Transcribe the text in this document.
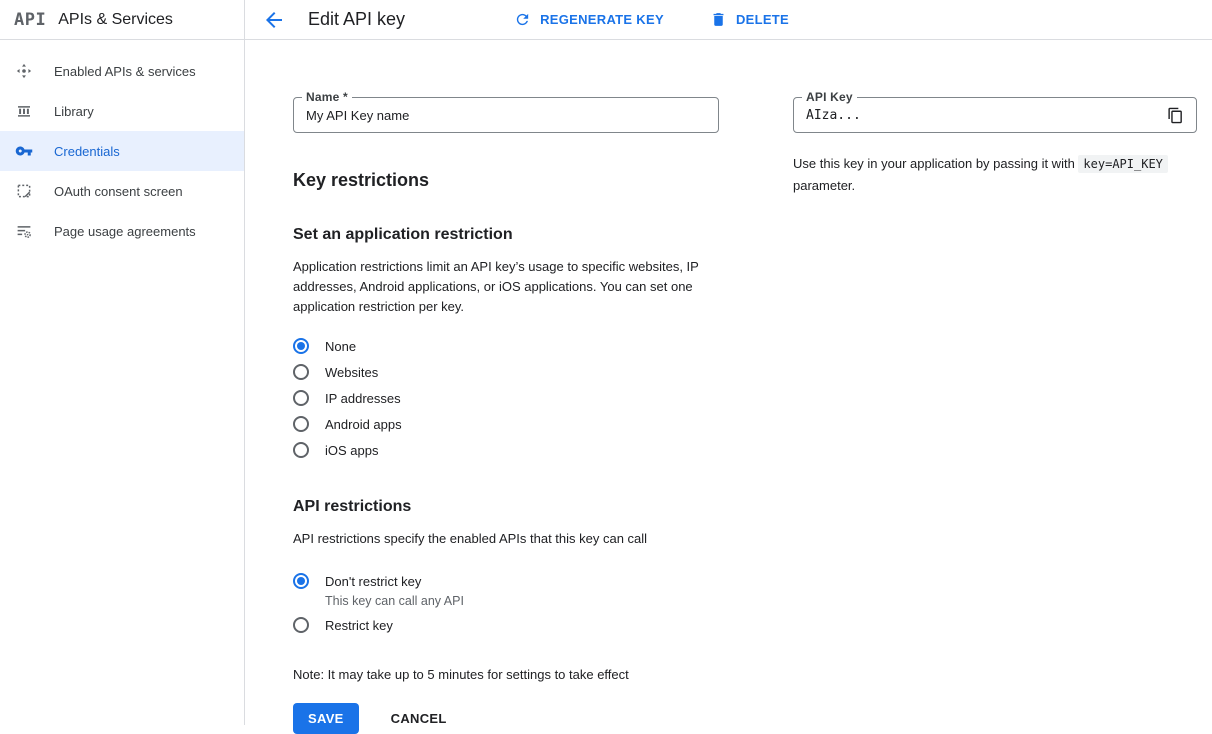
API APIs & Services
Enabled APIs & services
Library
Credentials
OAuth consent screen
Page usage agreements
Edit API key	REGENERATE KEY	DELETE
Name *
My API Key name
Key restrictions
Set an application restriction

Application restrictions limit an API key’s usage to specific websites, IP addresses, Android applications, or iOS applications. You can set one application restriction per key.

None
Websites
IP addresses
Android apps
iOS apps
API restrictions

API restrictions specify the enabled APIs that this key can call

Don't restrict key

This key can call any API

Restrict key

Note: It may take up to 5 minutes for settings to take effect

SAVE	CANCEL
API Key
AIza...

Use this key in your application by passing it with key=API_KEY parameter.
